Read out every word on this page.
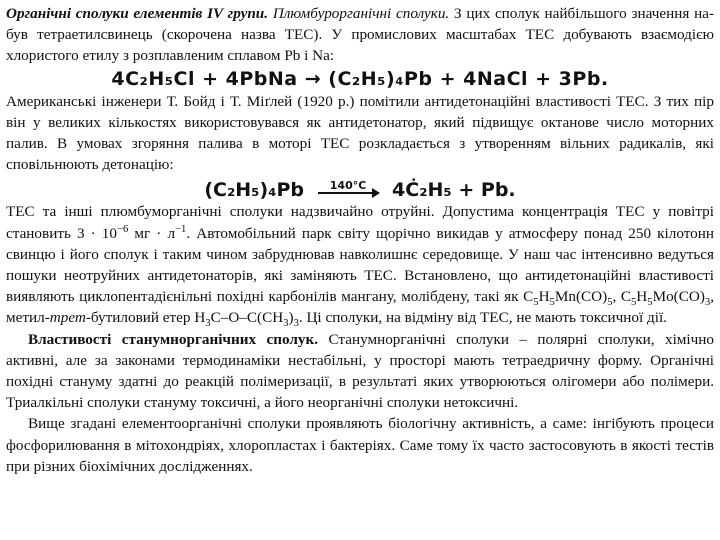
Органічні сполуки елементів IV групи. Плюмбурорганічні сполуки. З цих сполук найбільшого значення на-був тетраетилсвинець (скорочена назва ТЕС). У промислових масштабах ТЕС добувають взаємодією хлористого етилу з розплавленим сплавом Pb і Na:

4C₂H₅Cl + 4PbNa → (C₂H₅)₄Pb + 4NaCl + 3Pb.

Американські інженери Т. Бойд і Т. Міґлей (1920 р.) помітили антидетонаційні властивості ТЕС. З тих пір він у великих кількостях використовувався як антидетонатор, який підвищує октанове число моторних палив. В умовах згоряння палива в моторі ТЕС розкладається з утворенням вільних радикалів, які сповільнюють детонацію:

(C₂H₅)₄Pb 140°C 4Ċ₂H₅ + Pb.

ТЕС та інші плюмбуморганічні сполуки надзвичайно отруйні. Допустима концентрація ТЕС у повітрі становить $3 \cdot 10^{-6}$ мг · $л^{-1}$. Автомобільний парк світу щорічно викидав у атмосферу понад 250 кілотонн свинцю і його сполук і таким чином забруднював навколишнє середовище. У наш час інтенсивно ведуться пошуки неотруйних антидетонаторів, які заміняють ТЕС. Встановлено, що антидетонаційні властивості виявляють циклопентадієнільні похідні карбонілів мангану, молібдену, такі як $C_5H_5Mn(CO)_5$, $C_5H_5Mo(CO)_3$, метил-трет-бутиловий етер $H_3C-O-C(CH_3)_3$. Ці сполуки, на відміну від ТЕС, не мають токсичної дії.

Властивості станумнорганічних сполук. Станумнорганічні сполуки – полярні сполуки, хімічно активні, але за законами термодинаміки нестабільні, у просторі мають тетраедричну форму. Органічні похідні стануму здатні до реакцій полімеризації, в результаті яких утворюються олігомери або полімери. Триалкільні сполуки стануму токсичні, а його неорганічні сполуки нетоксичні.

Вище згадані елементоорганічні сполуки проявляють біологічну активність, а саме: інгібують процеси фосфорилювання в мітохондріях, хлоропластах і бактеріях. Саме тому їх часто застосовують в якості тестів при різних біохімічних дослідженнях.
